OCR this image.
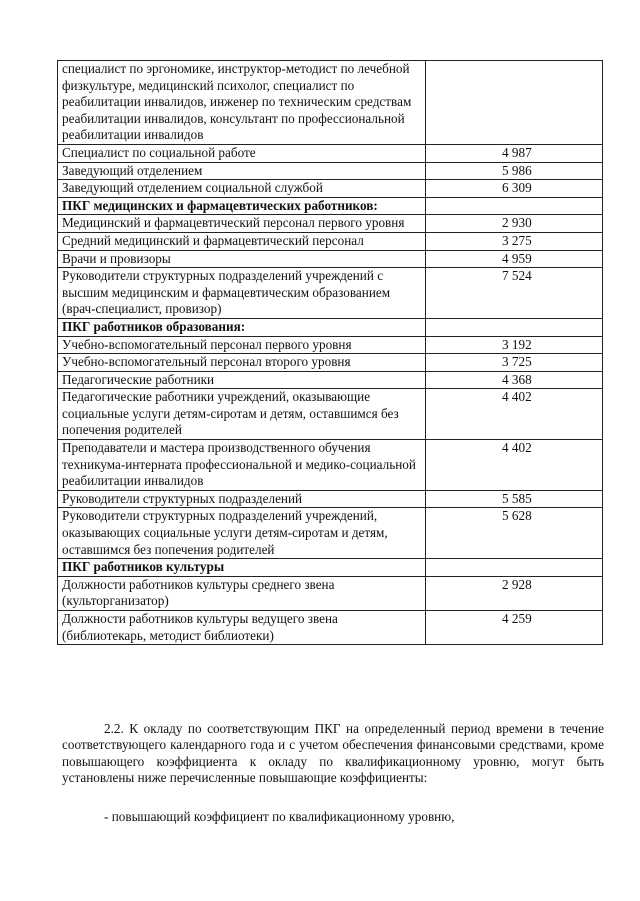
специалист по эргономике, инструктор-методист по лечебной физкультуре, медицинский психолог, специалист по реабилитации инвалидов, инженер по техническим средствам реабилитации инвалидов, консультант по профессиональной реабилитации инвалидов	
Специалист по социальной работе	4 987
Заведующий отделением	5 986
Заведующий отделением социальной службой	6 309
ПКГ медицинских и фармацевтических работников:	
Медицинский и фармацевтический персонал первого уровня	2 930
Средний медицинский и фармацевтический персонал	3 275
Врачи и провизоры	4 959
Руководители структурных подразделений учреждений с высшим медицинским и фармацевтическим образованием (врач-специалист, провизор)	7 524
ПКГ работников образования:	
Учебно-вспомогательный персонал первого уровня	3 192
Учебно-вспомогательный персонал второго уровня	3 725
Педагогические работники	4 368
Педагогические работники учреждений, оказывающие социальные услуги детям-сиротам и детям, оставшимся без попечения родителей	4 402
Преподаватели и мастера производственного обучения техникума-интерната профессиональной и медико-социальной реабилитации инвалидов	4 402
Руководители структурных подразделений	5 585
Руководители структурных подразделений учреждений, оказывающих социальные услуги детям-сиротам и детям, оставшимся без попечения родителей	5 628
ПКГ работников культуры	
Должности работников культуры среднего звена (культорганизатор)	2 928
Должности работников культуры ведущего звена (библиотекарь, методист библиотеки)	4 259

2.2. К окладу по соответствующим ПКГ на определенный период времени в течение соответствующего календарного года и с учетом обеспечения финансовыми средствами, кроме повышающего коэффициента к окладу по квалификационному уровню, могут быть установлены ниже перечисленные повышающие коэффициенты:

- повышающий коэффициент по квалификационному уровню,
